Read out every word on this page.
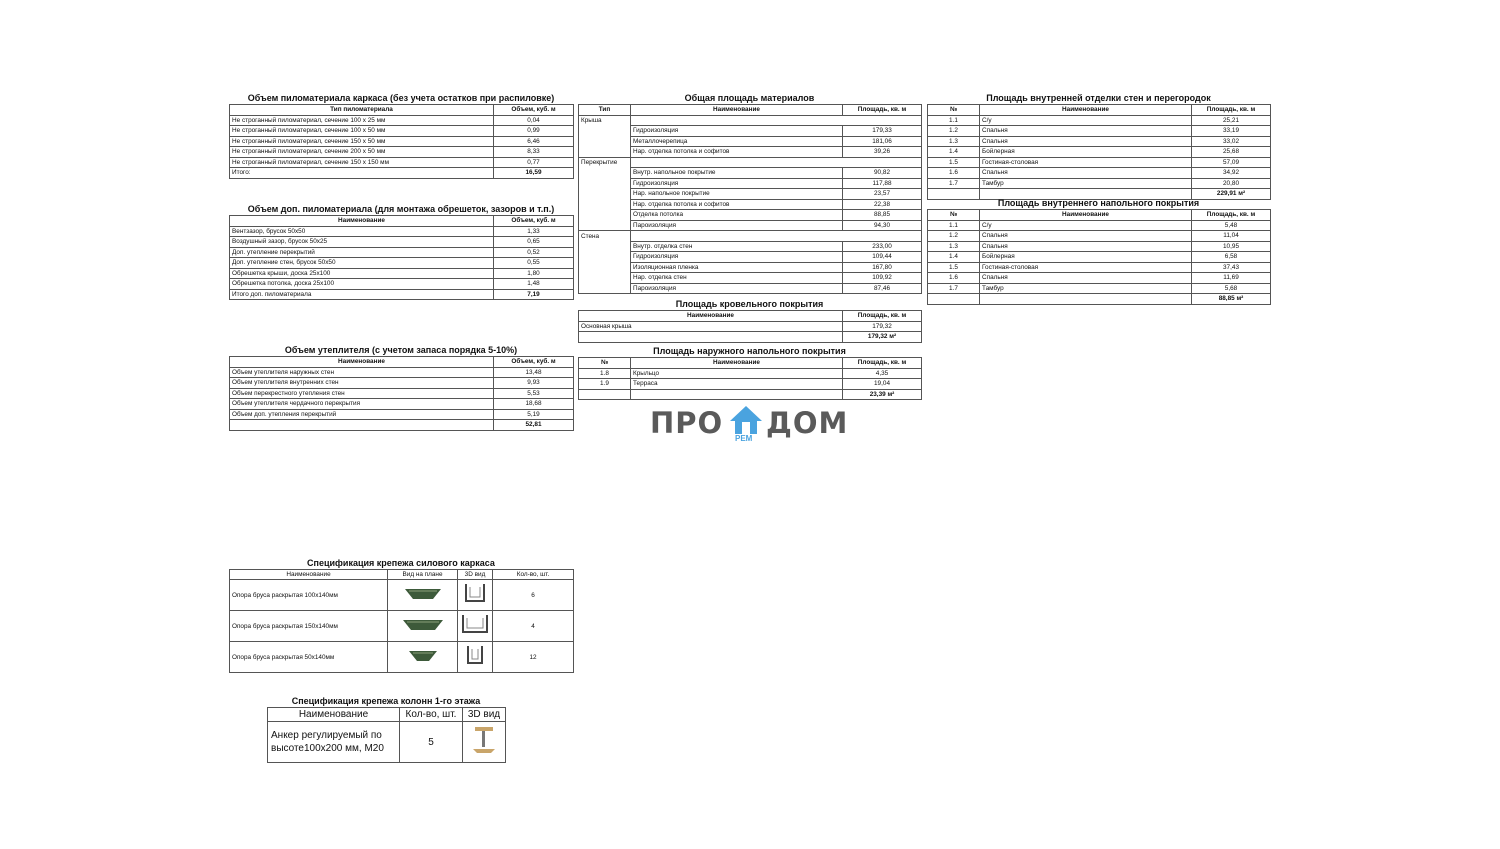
Объем пиломатериала каркаса (без учета остатков при распиловке)
Тип пиломатериала	Объем, куб. м
Не строганный пиломатериал, сечение 100 х 25 мм	0,04
Не строганный пиломатериал, сечение 100 х 50 мм	0,99
Не строганный пиломатериал, сечение 150 х 50 мм	6,46
Не строганный пиломатериал, сечение 200 х 50 мм	8,33
Не строганный пиломатериал, сечение 150 х 150 мм	0,77
Итого:	16,59
Объем доп. пиломатериала (для монтажа обрешеток, зазоров и т.п.)
Наименование	Объем, куб. м
Вентзазор, брусок 50х50	1,33
Воздушный зазор, брусок 50х25	0,65
Доп. утепление перекрытий	0,52
Доп. утепление стен, брусок 50х50	0,55
Обрешетка крыши, доска 25х100	1,80
Обрешетка потолка, доска 25х100	1,48
Итого доп. пиломатериала	7,19
Объем утеплителя (с учетом запаса порядка 5-10%)
Наименование	Объем, куб. м
Объем утеплителя наружных стен	13,48
Объем утеплителя внутренних стен	9,93
Объем перекрестного утепления стен	5,53
Объем утеплителя чердачного перекрытия	18,68
Объем доп. утепления перекрытий	5,19
	52,81
Общая площадь материалов
Тип	Наименование	Площадь, кв. м
Крыша		
	Гидроизоляция	179,33
	Металлочерепица	181,06
	Нар. отделка потолка и софитов	39,26
Перекрытие		
	Внутр. напольное покрытие	90,82
	Гидроизоляция	117,88
	Нар. напольное покрытие	23,57
	Нар. отделка потолка и софитов	22,38
	Отделка потолка	88,85
	Пароизоляция	94,30
Стена		
	Внутр. отделка стен	233,00
	Гидроизоляция	109,44
	Изоляционная пленка	167,80
	Нар. отделка стен	109,92
	Пароизоляция	87,46
Площадь кровельного покрытия
Наименование	Площадь, кв. м
Основная крыша	179,32
	179,32 м²
Площадь наружного напольного покрытия
№	Наименование	Площадь, кв. м
1.8	Крыльцо	4,35
1.9	Терраса	19,04
		23,39 м²
Площадь внутренней отделки стен и перегородок
№	Наименование	Площадь, кв. м
1.1	С/у	25,21
1.2	Спальня	33,19
1.3	Спальня	33,02
1.4	Бойлерная	25,68
1.5	Гостиная-столовая	57,09
1.6	Спальня	34,92
1.7	Тамбур	20,80
		229,91 м²
Площадь внутреннего напольного покрытия
№	Наименование	Площадь, кв. м
1.1	С/у	5,48
1.2	Спальня	11,04
1.3	Спальня	10,95
1.4	Бойлерная	6,58
1.5	Гостиная-столовая	37,43
1.6	Спальня	11,69
1.7	Тамбур	5,68
		88,85 м²
ПРО РЕМ ДОМ
Спецификация крепежа силового каркаса
Наименование	Вид на плане	3D вид	Кол-во, шт.
Опора бруса раскрытая 100х140мм			6
Опора бруса раскрытая 150х140мм			4
Опора бруса раскрытая 50х140мм			12
Спецификация крепежа колонн 1-го этажа
Наименование	Кол-во, шт.	3D вид
Анкер регулируемый по высоте100х200 мм, М20	5	
